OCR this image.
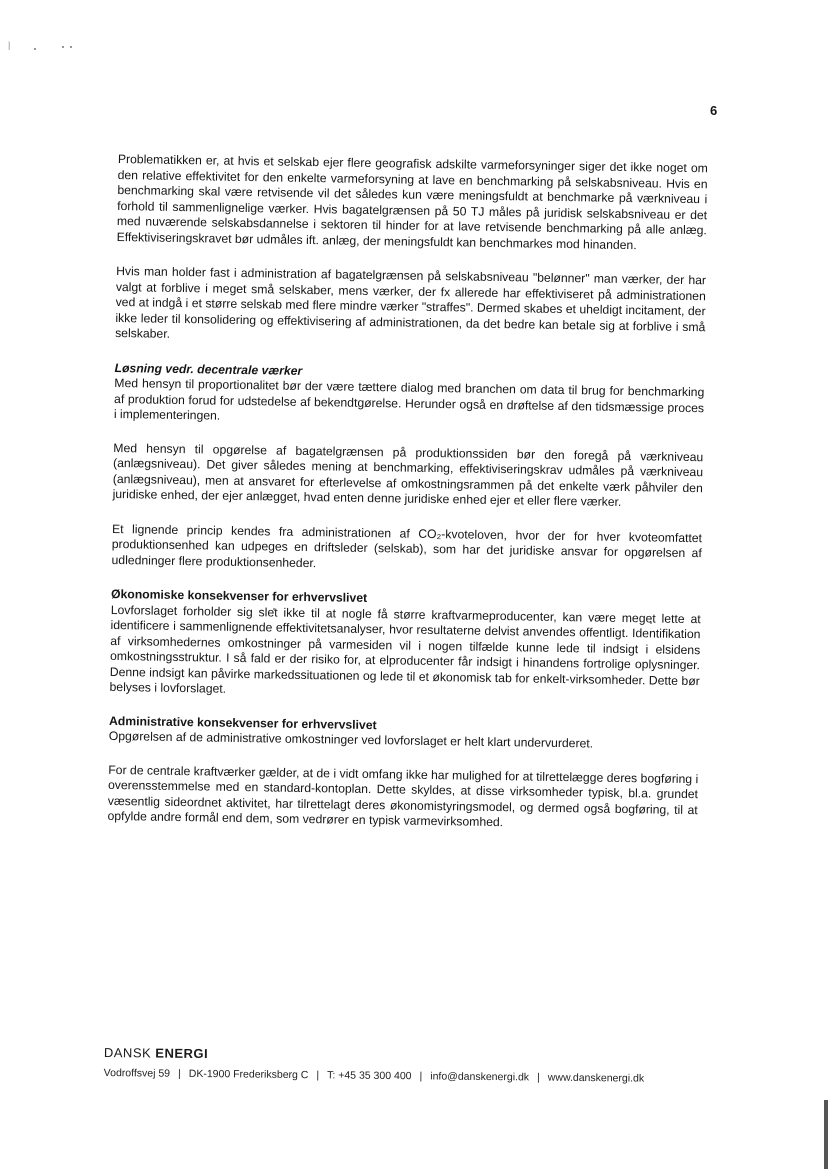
|
6

Problematikken er, at hvis et selskab ejer flere geografisk adskilte varmeforsyninger siger det ikke noget om den relative effektivitet for den enkelte varmeforsyning at lave en benchmarking på selskabsniveau. Hvis en benchmarking skal være retvisende vil det således kun være meningsfuldt at benchmarke på værkniveau i forhold til sammenlignelige værker. Hvis bagatelgrænsen på 50 TJ måles på juridisk selskabsniveau er det med nuværende selskabsdannelse i sektoren til hinder for at lave retvisende benchmarking på alle anlæg. Effektiviseringskravet bør udmåles ift. anlæg, der meningsfuldt kan benchmarkes mod hinanden.

Hvis man holder fast i administration af bagatelgrænsen på selskabsniveau "belønner" man værker, der har valgt at forblive i meget små selskaber, mens værker, der fx allerede har effektiviseret på administrationen ved at indgå i et større selskab med flere mindre værker "straffes". Dermed skabes et uheldigt incitament, der ikke leder til konsolidering og effektivisering af administrationen, da det bedre kan betale sig at forblive i små selskaber.

Løsning vedr. decentrale værker

Med hensyn til proportionalitet bør der være tættere dialog med branchen om data til brug for benchmarking af produktion forud for udstedelse af bekendtgørelse. Herunder også en drøftelse af den tidsmæssige proces i implementeringen.

Med hensyn til opgørelse af bagatelgrænsen på produktionssiden bør den foregå på værkniveau (anlægsniveau). Det giver således mening at benchmarking, effektiviseringskrav udmåles på værkniveau (anlægsniveau), men at ansvaret for efterlevelse af omkostningsrammen på det enkelte værk påhviler den juridiske enhed, der ejer anlægget, hvad enten denne juridiske enhed ejer et eller flere værker.

Et lignende princip kendes fra administrationen af CO₂-kvoteloven, hvor der for hver kvoteomfattet produktionsenhed kan udpeges en driftsleder (selskab), som har det juridiske ansvar for opgørelsen af udledninger flere produktionsenheder.

Økonomiske konsekvenser for erhvervslivet

Lovforslaget forholder sig slet ikke til at nogle få større kraftvarmeproducenter, kan være meget lette at identificere i sammenlignende effektivitetsanalyser, hvor resultaterne delvist anvendes offentligt. Identifikation af virksomhedernes omkostninger på varmesiden vil i nogen tilfælde kunne lede til indsigt i elsidens omkostningsstruktur. I så fald er der risiko for, at elproducenter får indsigt i hinandens fortrolige oplysninger. Denne indsigt kan påvirke markedssituationen og lede til et økonomisk tab for enkelt-virksomheder. Dette bør belyses i lovforslaget.

Administrative konsekvenser for erhvervslivet

Opgørelsen af de administrative omkostninger ved lovforslaget er helt klart undervurderet.

For de centrale kraftværker gælder, at de i vidt omfang ikke har mulighed for at tilrettelægge deres bogføring i overensstemmelse med en standard-kontoplan. Dette skyldes, at disse virksomheder typisk, bl.a. grundet væsentlig sideordnet aktivitet, har tilrettelagt deres økonomistyringsmodel, og dermed også bogføring, til at opfylde andre formål end dem, som vedrører en typisk varmevirksomhed.

DANSK ENERGI
Vodroffsvej 59 | DK-1900 Frederiksberg C | T: +45 35 300 400 | info@danskenergi.dk | www.danskenergi.dk
